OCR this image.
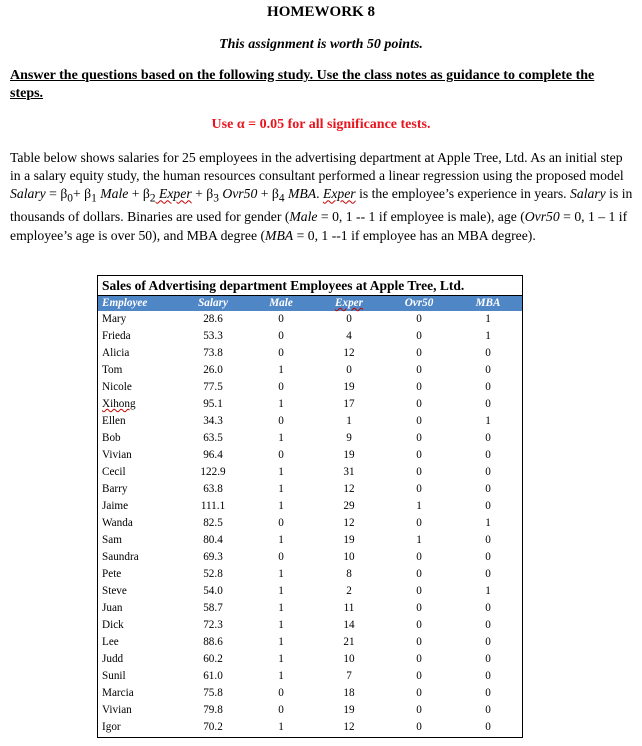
HOMEWORK 8
This assignment is worth 50 points.
Answer the questions based on the following study. Use the class notes as guidance to complete the steps.
Use α = 0.05 for all significance tests.
Table below shows salaries for 25 employees in the advertising department at Apple Tree, Ltd. As an initial step in a salary equity study, the human resources consultant performed a linear regression using the proposed model Salary = $\beta_0+ \beta_1$ Male + $\beta_2$ Exper + $\beta_3$ $Ovr50 + \beta_4$ MBA. Exper is the employee’s experience in years. Salary is in thousands of dollars. Binaries are used for gender (Male = 0, 1 -- 1 if employee is male), age (Ovr50 = 0, 1 – 1 if employee’s age is over 50), and MBA degree (MBA = 0, 1 --1 if employee has an MBA degree).
Sales of Advertising department Employees at Apple Tree, Ltd.
Employee	Salary	Male	Exper	Ovr50	MBA
Mary	28.6	0	0	0	1
Frieda	53.3	0	4	0	1
Alicia	73.8	0	12	0	0
Tom	26.0	1	0	0	0
Nicole	77.5	0	19	0	0
Xihong	95.1	1	17	0	0
Ellen	34.3	0	1	0	1
Bob	63.5	1	9	0	0
Vivian	96.4	0	19	0	0
Cecil	122.9	1	31	0	0
Barry	63.8	1	12	0	0
Jaime	111.1	1	29	1	0
Wanda	82.5	0	12	0	1
Sam	80.4	1	19	1	0
Saundra	69.3	0	10	0	0
Pete	52.8	1	8	0	0
Steve	54.0	1	2	0	1
Juan	58.7	1	11	0	0
Dick	72.3	1	14	0	0
Lee	88.6	1	21	0	0
Judd	60.2	1	10	0	0
Sunil	61.0	1	7	0	0
Marcia	75.8	0	18	0	0
Vivian	79.8	0	19	0	0
Igor	70.2	1	12	0	0
